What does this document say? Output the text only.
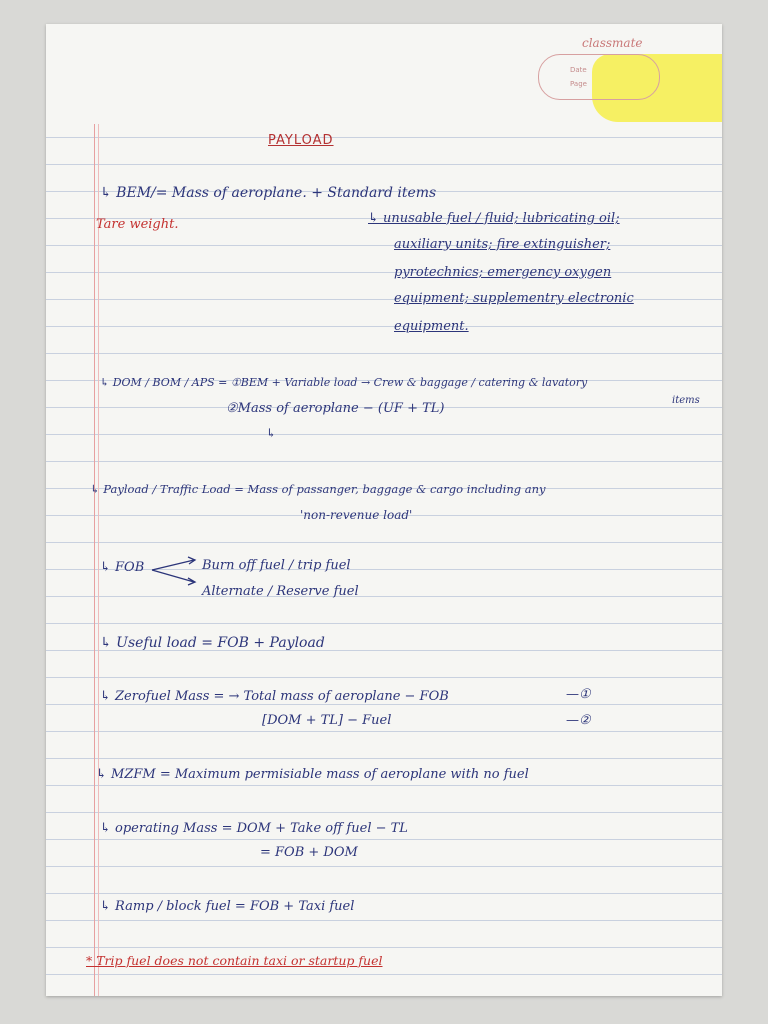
classmate
Date
Page
PAYLOAD
↳ BEM/= Mass of aeroplane. + Standard items
Tare weight.	↳ unusable fuel / fluid; lubricating oil;
auxiliary units; fire extinguisher;
pyrotechnics; emergency oxygen
equipment; supplementry electronic
equipment.
↳ DOM / BOM / APS = ①BEM + Variable load → Crew & baggage / catering & lavatory
items
②Mass of aeroplane − (UF + TL)
↳
↳ Payload / Traffic Load = Mass of passanger, baggage & cargo including any
'non-revenue load'
↳ FOB	Burn off fuel / trip fuel
Alternate / Reserve fuel
↳ Useful load = FOB + Payload
↳ Zerofuel Mass = → Total mass of aeroplane − FOB	—①
[DOM + TL] − Fuel	—②
↳ MZFM = Maximum permisiable mass of aeroplane with no fuel
↳ operating Mass = DOM + Take off fuel − TL
= FOB + DOM
↳ Ramp / block fuel = FOB + Taxi fuel
* Trip fuel does not contain taxi or startup fuel
